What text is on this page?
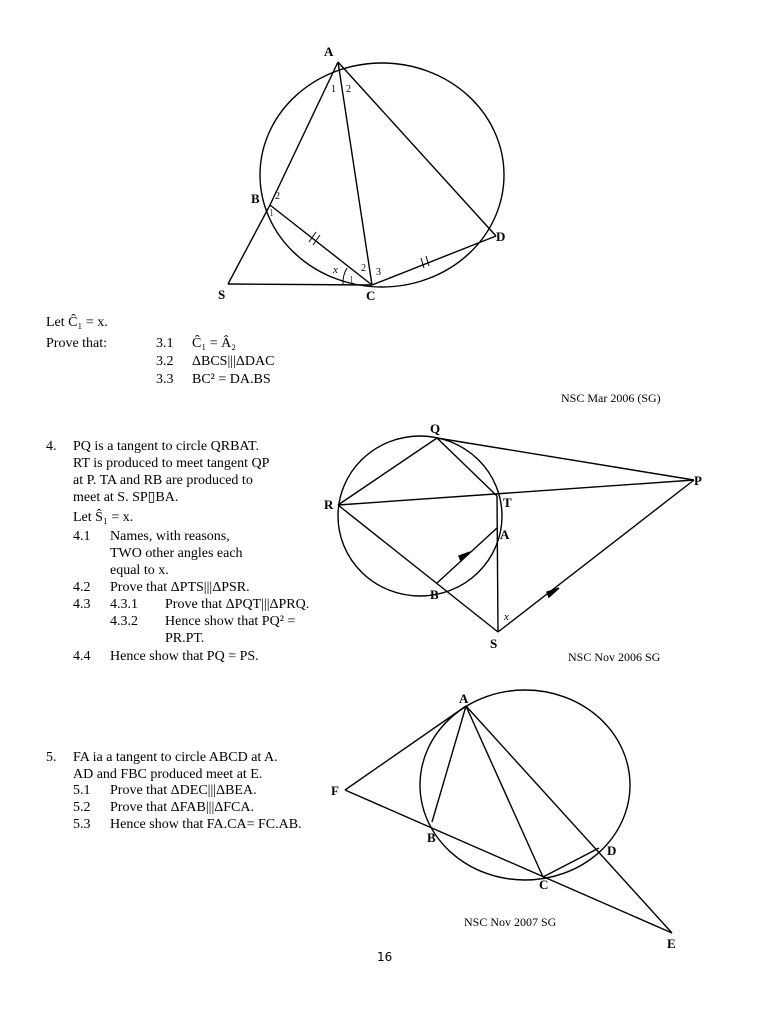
A
B
C
D
S
1 2
2
1
1
2 3
x
Q
R	T
P
A
B
S
x
A
F
B
C
D
E
Let Ĉ₁ = x.
Prove that:	3.1 Ĉ₁ = Â₂
3.2 ΔBCS|||ΔDAC
3.3 BC² = DA.BS
NSC Mar 2006 (SG)
4. PQ is a tangent to circle QRBAT.
RT is produced to meet tangent QP
at P. TA and RB are produced to
meet at S. SP▯BA.
Let Ŝ₁ = x.
4.1 Names, with reasons,
TWO other angles each
equal to x.
4.2 Prove that ΔPTS|||ΔPSR.
4.3 4.3.1 Prove that ΔPQT|||ΔPRQ.
4.3.2 Hence show that PQ² =
PR.PT.
4.4 Hence show that PQ = PS.	NSC Nov 2006 SG
5. FA ia a tangent to circle ABCD at A.
AD and FBC produced meet at E.
5.1 Prove that ΔDEC|||ΔBEA.
5.2 Prove that ΔFAB|||ΔFCA.
5.3 Hence show that FA.CA= FC.AB.
NSC Nov 2007 SG
16
